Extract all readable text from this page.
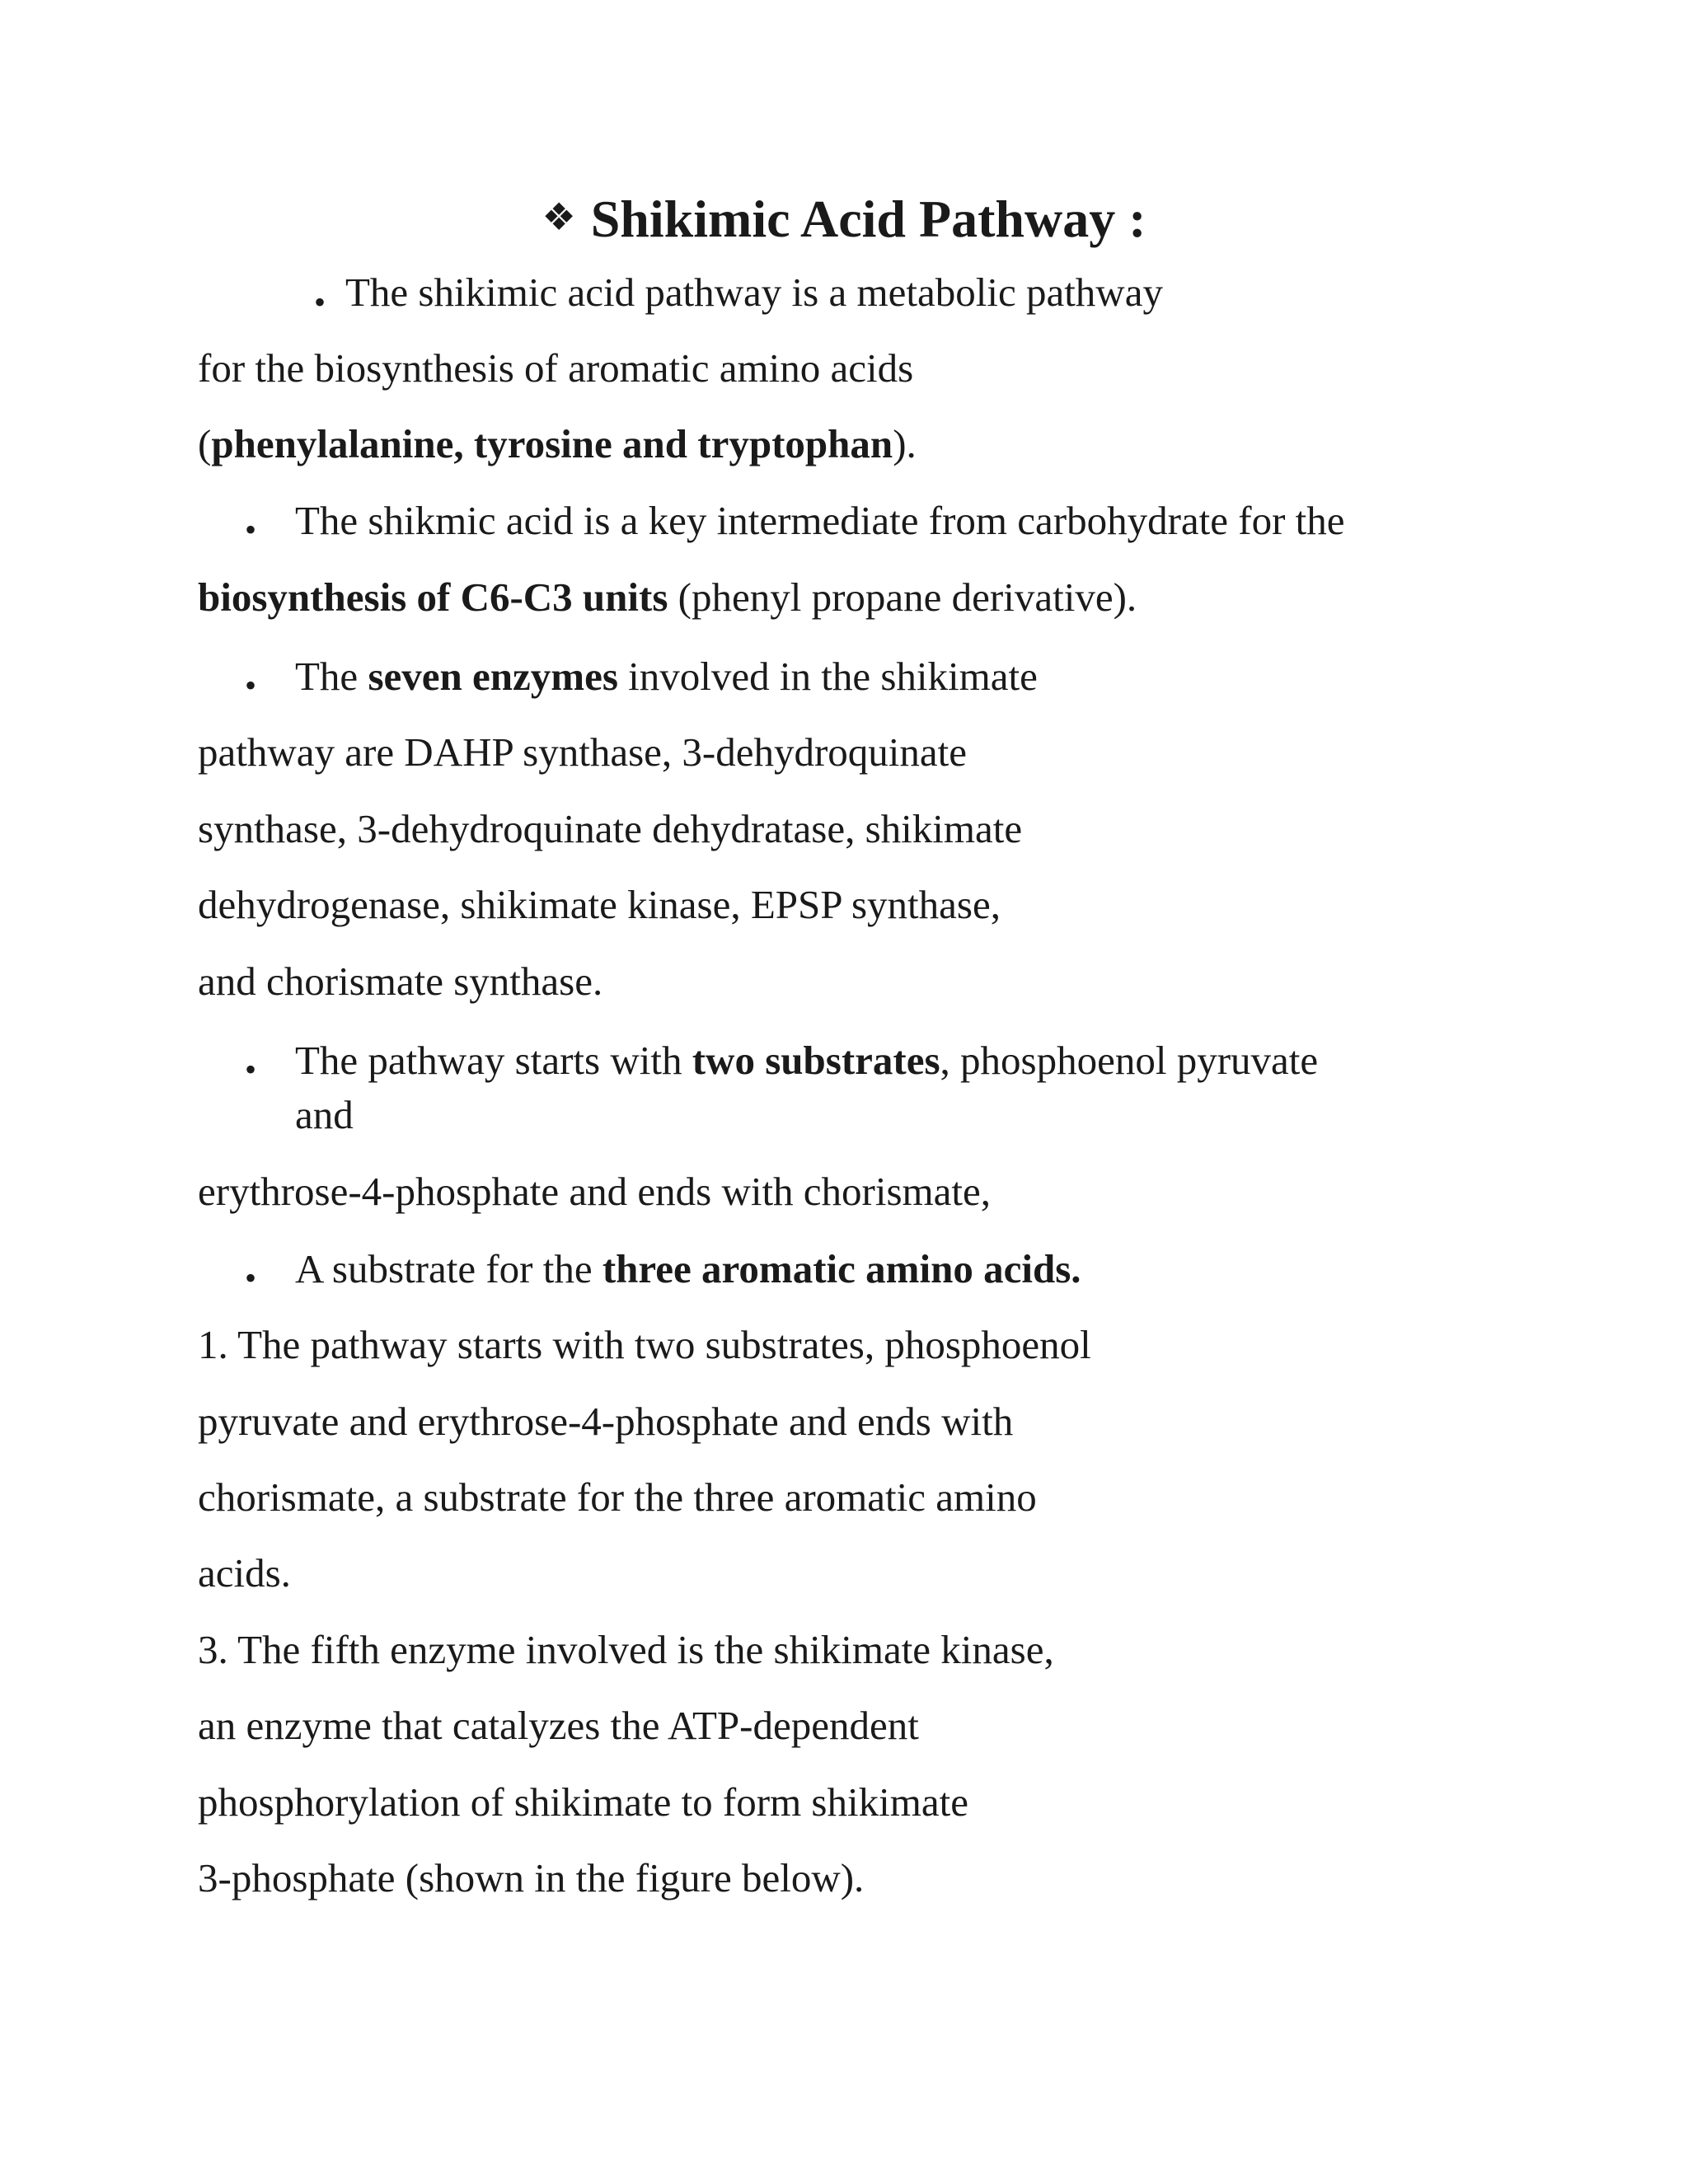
❖ Shikimic Acid Pathway :
• The shikimic acid pathway is a metabolic pathway
for the biosynthesis of aromatic amino acids
(phenylalanine, tyrosine and tryptophan).
• The shikmic acid is a key intermediate from carbohydrate for the
biosynthesis of C6-C3 units (phenyl propane derivative).
• The seven enzymes involved in the shikimate
pathway are DAHP synthase, 3-dehydroquinate
synthase, 3-dehydroquinate dehydratase, shikimate
dehydrogenase, shikimate kinase, EPSP synthase,
and chorismate synthase.
• The pathway starts with two substrates, phosphoenol pyruvate
and
erythrose-4-phosphate and ends with chorismate,
• A substrate for the three aromatic amino acids.
1. The pathway starts with two substrates, phosphoenol
pyruvate and erythrose-4-phosphate and ends with
chorismate, a substrate for the three aromatic amino
acids.
3. The fifth enzyme involved is the shikimate kinase,
an enzyme that catalyzes the ATP-dependent
phosphorylation of shikimate to form shikimate
3-phosphate (shown in the figure below).
